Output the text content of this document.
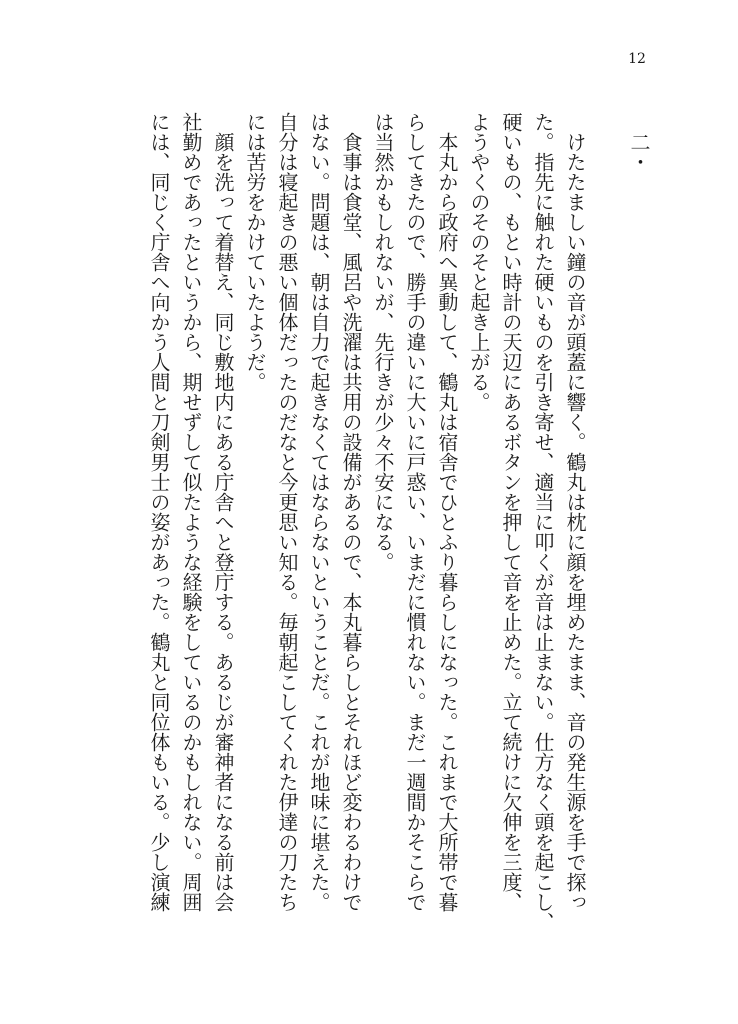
12
二・
けたたましい鐘の音が頭蓋に響く。鶴丸は枕に顔を埋めたまま、音の発生源を手で探っ
た。指先に触れた硬いものを引き寄せ、適当に叩くが音は止まない。仕方なく頭を起こし、
硬いもの、もとい時計の天辺にあるボタンを押して音を止めた。立て続けに欠伸を三度、
ようやくのそのそと起き上がる。
本丸から政府へ異動して、鶴丸は宿舎でひとふり暮らしになった。これまで大所帯で暮
らしてきたので、勝手の違いに大いに戸惑い、いまだに慣れない。まだ一週間かそこらで
は当然かもしれないが、先行きが少々不安になる。
食事は食堂、風呂や洗濯は共用の設備があるので、本丸暮らしとそれほど変わるわけで
はない。問題は、朝は自力で起きなくてはならないということだ。これが地味に堪えた。
自分は寝起きの悪い個体だったのだなと今更思い知る。毎朝起こしてくれた伊達の刀たち
には苦労をかけていたようだ。
顔を洗って着替え、同じ敷地内にある庁舎へと登庁する。あるじが審神者になる前は会
社勤めであったというから、期せずして似たような経験をしているのかもしれない。周囲
には、同じく庁舎へ向かう人間と刀剣男士の姿があった。鶴丸と同位体もいる。少し演練
